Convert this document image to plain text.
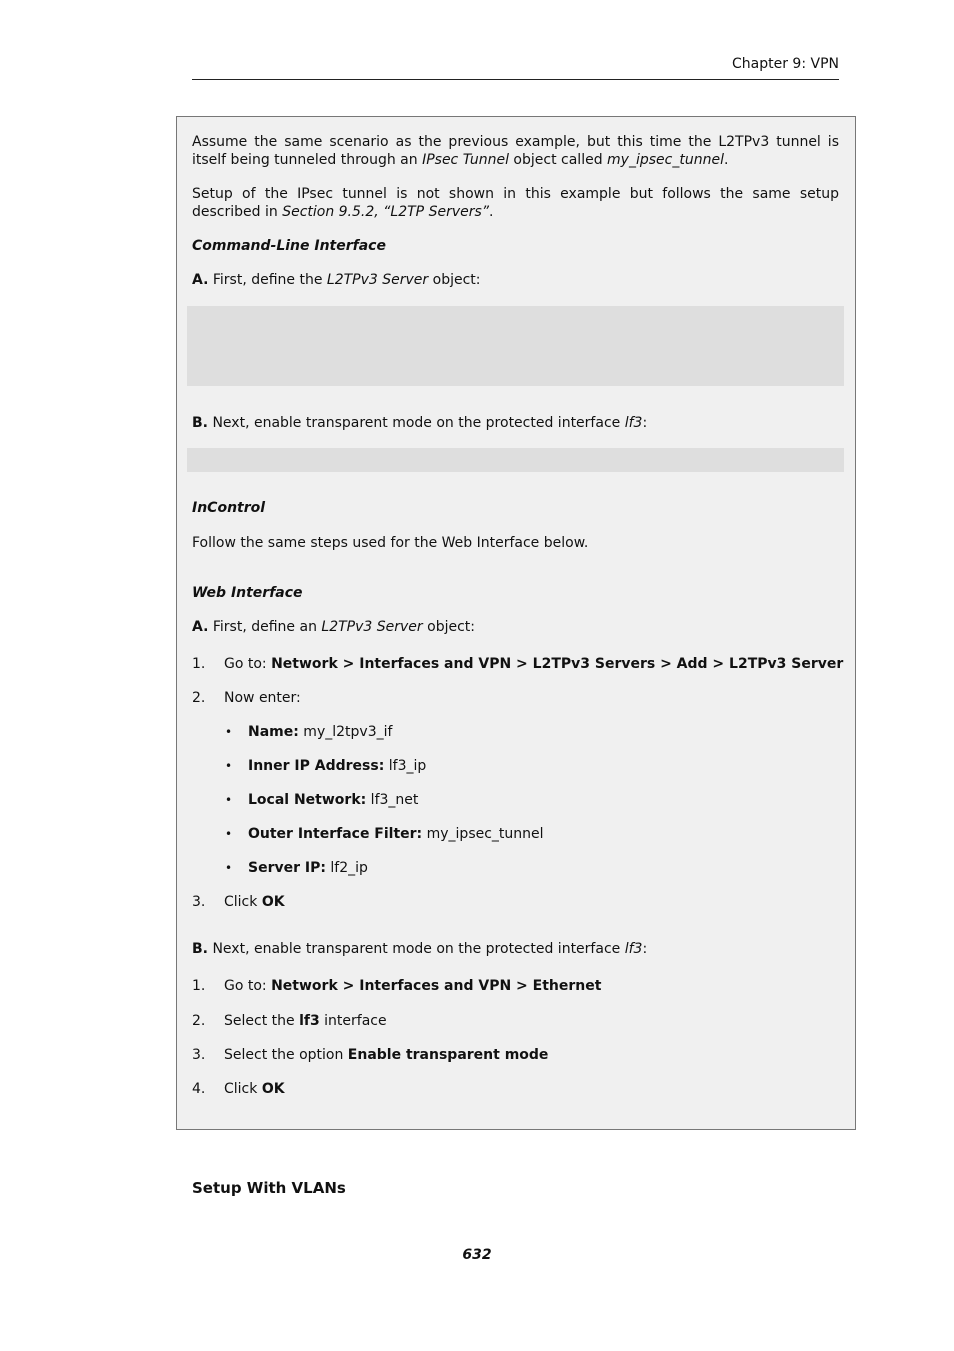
Chapter 9: VPN
Assume the same scenario as the previous example, but this time the L2TPv3 tunnel is itself being tunneled through an IPsec Tunnel object called my_ipsec_tunnel.
Setup of the IPsec tunnel is not shown in this example but follows the same setup described in Section 9.5.2, “L2TP Servers”.
Command-Line Interface
A. First, define the L2TPv3 Server object:
B. Next, enable transparent mode on the protected interface lf3:
InControl
Follow the same steps used for the Web Interface below.
Web Interface
A. First, define an L2TPv3 Server object:
1. Go to: Network > Interfaces and VPN > L2TPv3 Servers > Add > L2TPv3 Server
2. Now enter:
• Name: my_l2tpv3_if
• Inner IP Address: lf3_ip
• Local Network: lf3_net
• Outer Interface Filter: my_ipsec_tunnel
• Server IP: lf2_ip
3. Click OK
B. Next, enable transparent mode on the protected interface lf3:
1. Go to: Network > Interfaces and VPN > Ethernet
2. Select the lf3 interface
3. Select the option Enable transparent mode
4. Click OK
Setup With VLANs
632
